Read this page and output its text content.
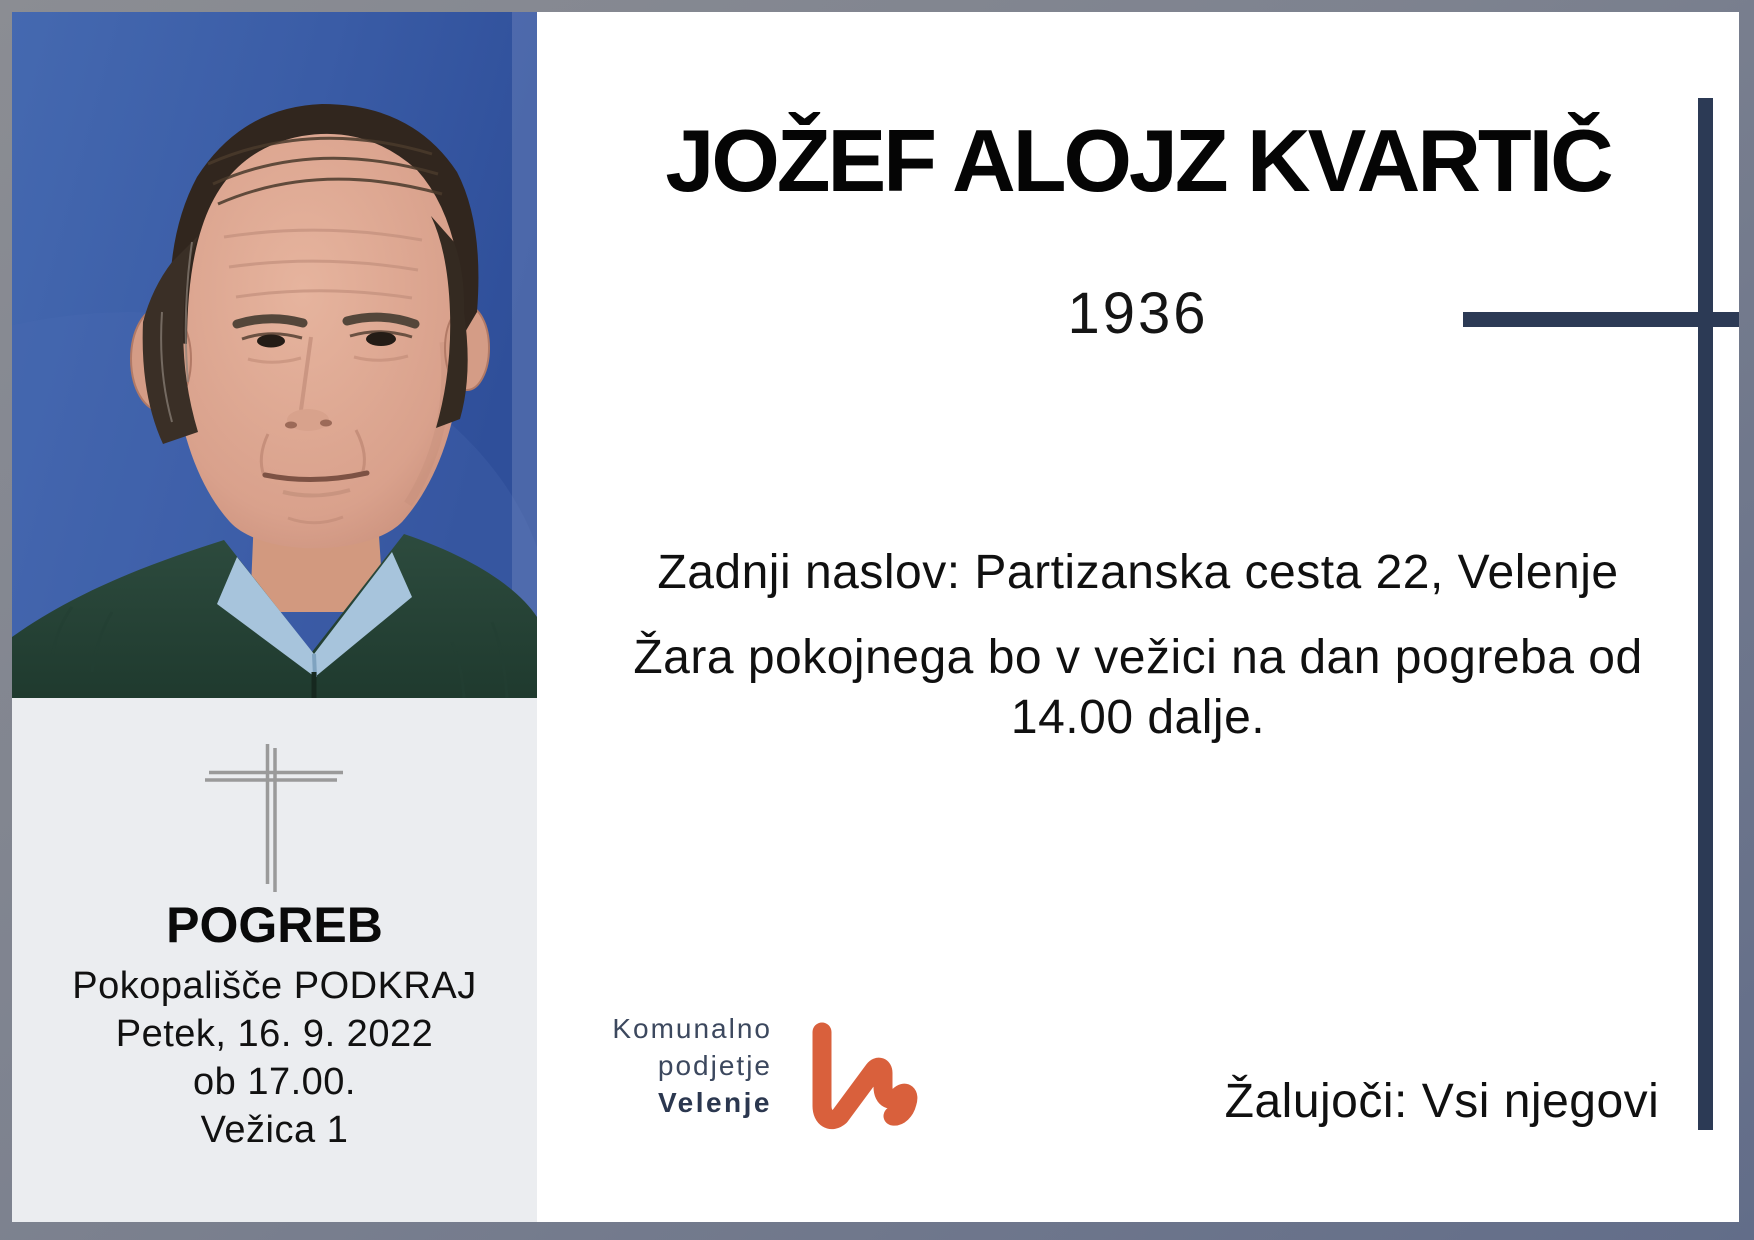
POGREB
Pokopališče PODKRAJ
Petek, 16. 9. 2022
ob 17.00.
Vežica 1
JOŽEF ALOJZ KVARTIČ
1936
Zadnji naslov: Partizanska cesta 22, Velenje
Žara pokojnega bo v vežici na dan pogreba od
14.00 dalje.
Komunalno
podjetje
Velenje	Žalujoči: Vsi njegovi
